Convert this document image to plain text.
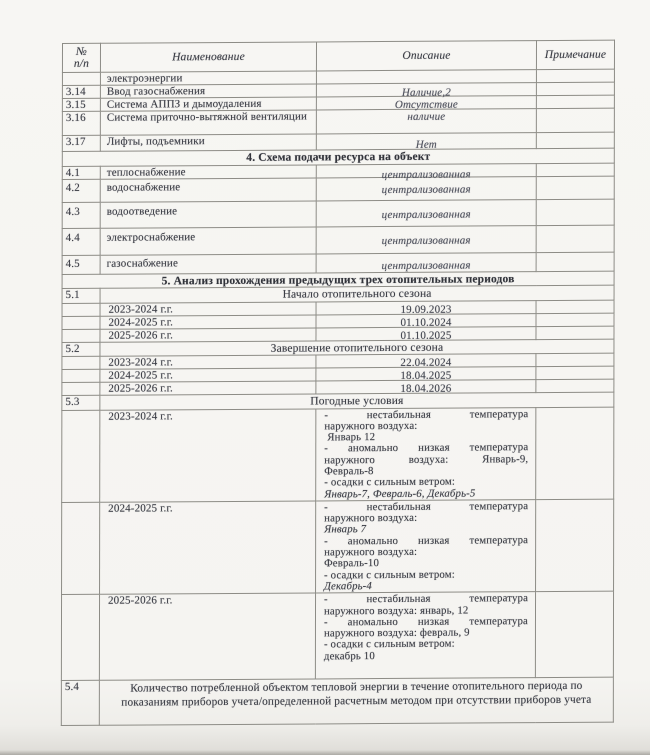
№
п/п	Наименование	Описание	Примечание
	электроэнергии		
3.14	Ввод газоснабжения	Наличие,2	
3.15	Система АППЗ и дымоудаления	Отсутствие	
3.16	Система приточно-вытяжной вентиляции	наличие	
3.17	Лифты, подъемники	Нет	
4. Схема подачи ресурса на объект			
4.1	теплоснабжение	централизованная	
4.2	водоснабжение	централизованная	
4.3	водоотведение	централизованная	
4.4	электроснабжение	централизованная	
4.5	газоснабжение	централизованная	
5. Анализ прохождения предыдущих трех отопительных периодов			
5.1	Начало отопительного сезона		
	2023-2024 г.г.	19.09.2023	
	2024-2025 г.г.	01.10.2024	
	2025-2026 г.г.	01.10.2025	
5.2	Завершение отопительного сезона		
	2023-2024 г.г.	22.04.2024	
	2024-2025 г.г.	18.04.2025	
	2025-2026 г.г.	18.04.2026	
5.3	Погодные условия		
	2023-2024 г.г.	- нестабильная температура
наружного воздуха:
Январь 12
- аномально низкая температура
наружного воздуха: Январь-9,
Февраль-8
- осадки с сильным ветром:
Январь-7, Февраль-6, Декабрь-5

	2024-2025 г.г.	- нестабильная температура
наружного воздуха:
Январь 7
- аномально низкая температура
наружного воздуха:
Февраль-10
- осадки с сильным ветром:
Декабрь-4

	2025-2026 г.г.	- нестабильная температура
наружного воздуха: январь, 12
- аномально низкая температура
наружного воздуха: февраль, 9
- осадки с сильным ветром:
декабрь 10

5.4	Количество потребленной объектом тепловой энергии в течение отопительного периода по показаниям приборов учета/определенной расчетным методом при отсутствии приборов учета		
